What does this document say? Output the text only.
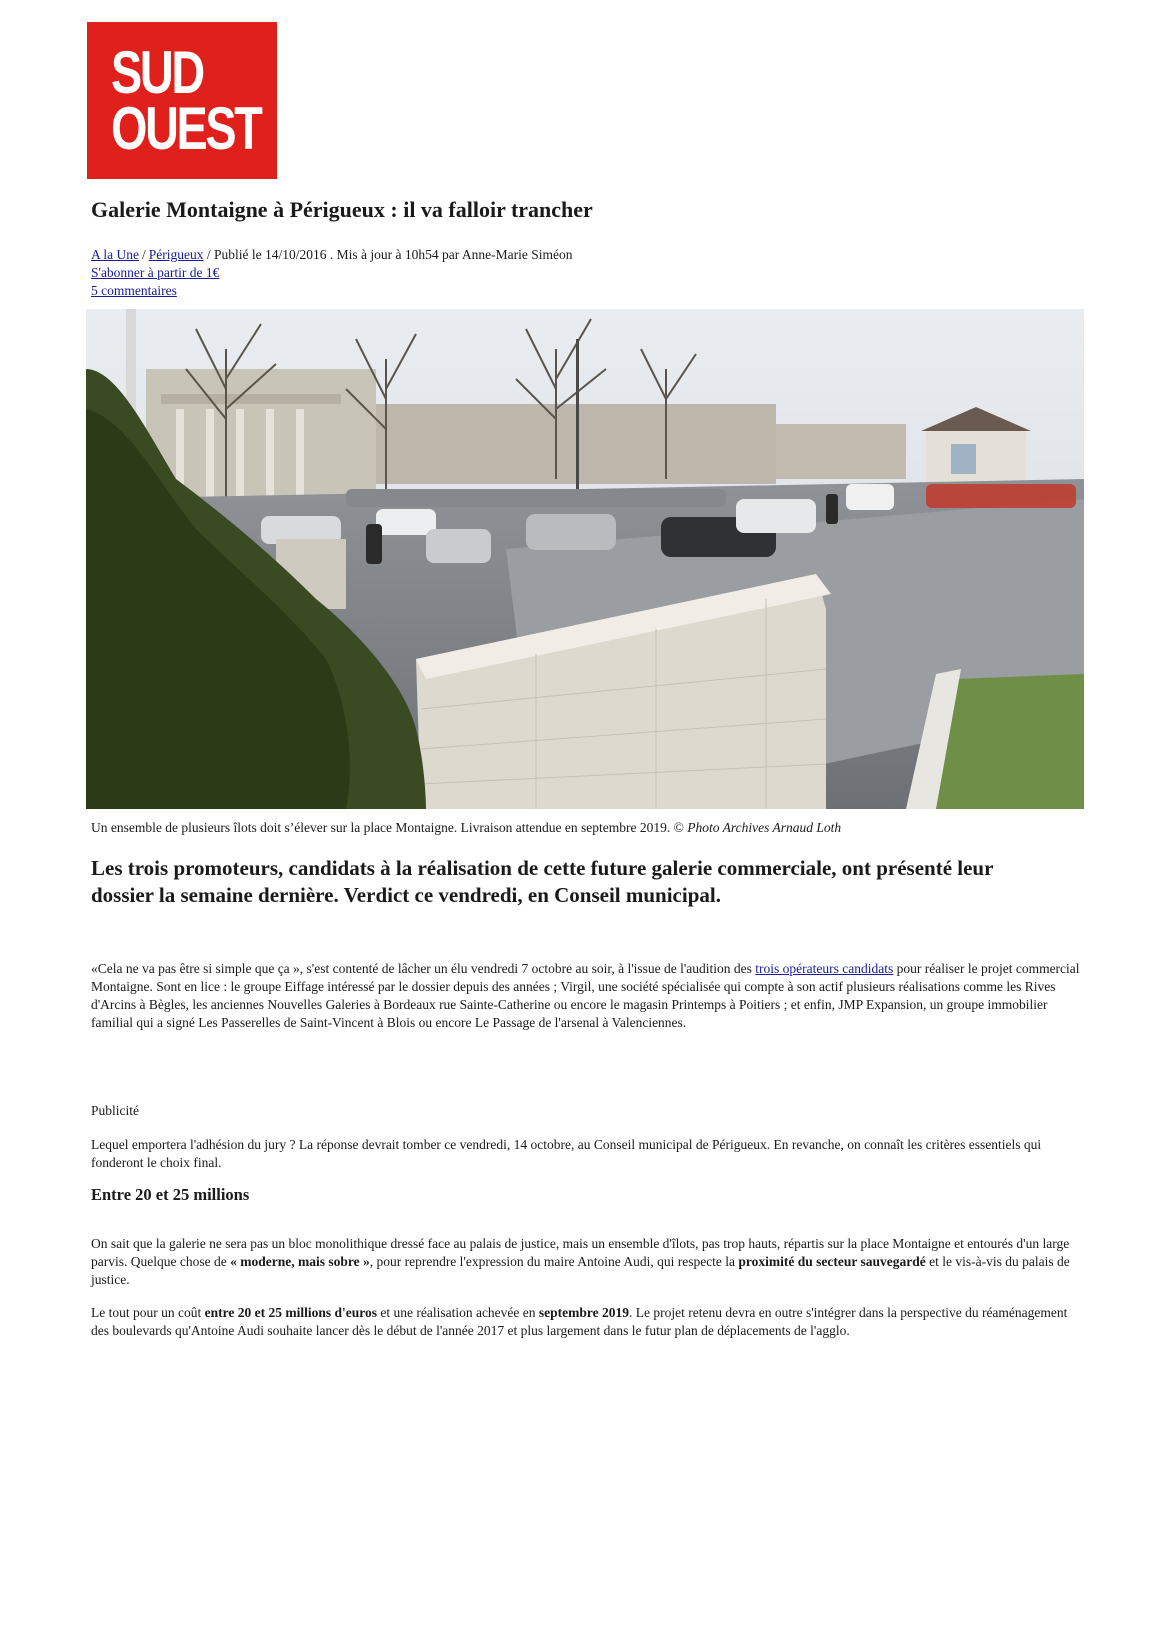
SUD
OUEST
Galerie Montaigne à Périgueux : il va falloir trancher
A la Une / Périgueux / Publié le 14/10/2016 . Mis à jour à 10h54 par Anne-Marie Siméon
S'abonner à partir de 1€
5 commentaires
Un ensemble de plusieurs îlots doit s’élever sur la place Montaigne. Livraison attendue en septembre 2019. © Photo Archives Arnaud Loth
Les trois promoteurs, candidats à la réalisation de cette future galerie commerciale, ont présenté leur
dossier la semaine dernière. Verdict ce vendredi, en Conseil municipal.

«Cela ne va pas être si simple que ça », s'est contenté de lâcher un élu vendredi 7 octobre au soir, à l'issue de l'audition des trois opérateurs candidats pour réaliser le projet commercial Montaigne. Sont en lice : le groupe Eiffage intéressé par le dossier depuis des années ; Virgil, une société spécialisée qui compte à son actif plusieurs réalisations comme les Rives d'Arcins à Bègles, les anciennes Nouvelles Galeries à Bordeaux rue Sainte-Catherine ou encore le magasin Printemps à Poitiers ; et enfin, JMP Expansion, un groupe immobilier familial qui a signé Les Passerelles de Saint-Vincent à Blois ou encore Le Passage de l'arsenal à Valenciennes.

Publicité

Lequel emportera l'adhésion du jury ? La réponse devrait tomber ce vendredi, 14 octobre, au Conseil municipal de Périgueux. En revanche, on connaît les critères essentiels qui fonderont le choix final.

Entre 20 et 25 millions

On sait que la galerie ne sera pas un bloc monolithique dressé face au palais de justice, mais un ensemble d'îlots, pas trop hauts, répartis sur la place Montaigne et entourés d'un large parvis. Quelque chose de « moderne, mais sobre », pour reprendre l'expression du maire Antoine Audi, qui respecte la proximité du secteur sauvegardé et le vis-à-vis du palais de justice.

Le tout pour un coût entre 20 et 25 millions d'euros et une réalisation achevée en septembre 2019. Le projet retenu devra en outre s'intégrer dans la perspective du réaménagement des boulevards qu'Antoine Audi souhaite lancer dès le début de l'année 2017 et plus largement dans le futur plan de déplacements de l'agglo.
